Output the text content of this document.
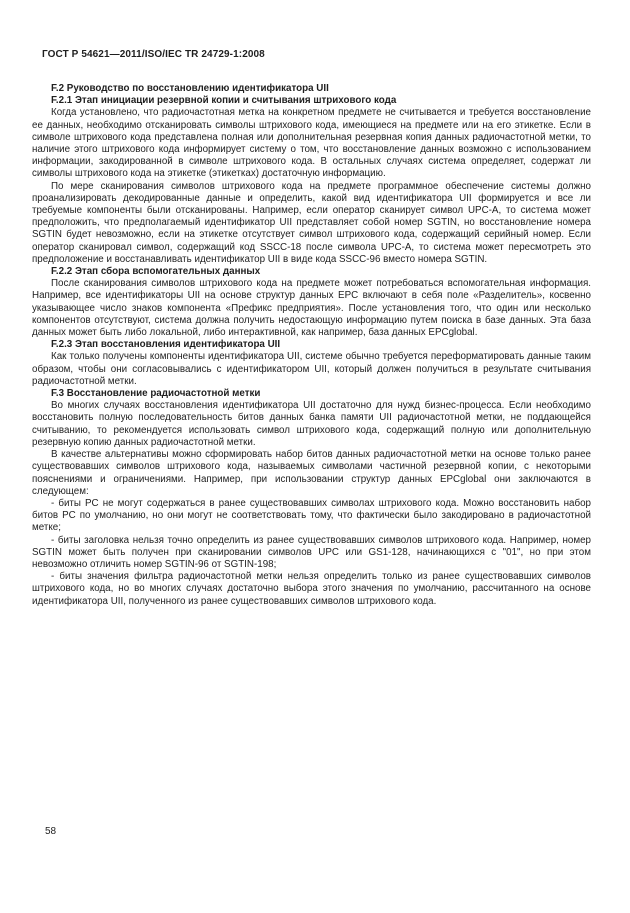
ГОСТ Р 54621—2011/ISO/IEC TR 24729-1:2008
F.2 Руководство по восстановлению идентификатора UII
F.2.1 Этап инициации резервной копии и считывания штрихового кода
Когда установлено, что радиочастотная метка на конкретном предмете не считывается и требуется восстановление ее данных, необходимо отсканировать символы штрихового кода, имеющиеся на предмете или на его этикетке. Если в символе штрихового кода представлена полная или дополнительная резервная копия данных радиочастотной метки, то наличие этого штрихового кода информирует систему о том, что восстановление данных возможно с использованием информации, закодированной в символе штрихового кода. В остальных случаях система определяет, содержат ли символы штрихового кода на этикетке (этикетках) достаточную информацию.
По мере сканирования символов штрихового кода на предмете программное обеспечение системы должно проанализировать декодированные данные и определить, какой вид идентификатора UII формируется и все ли требуемые компоненты были отсканированы. Например, если оператор сканирует символ UPC-A, то система может предположить, что предполагаемый идентификатор UII представляет собой номер SGTIN, но восстановление номера SGTIN будет невозможно, если на этикетке отсутствует символ штрихового кода, содержащий серийный номер. Если оператор сканировал символ, содержащий код SSCC-18 после символа UPC-A, то система может пересмотреть это предположение и восстанавливать идентификатор UII в виде кода SSCC-96 вместо номера SGTIN.
F.2.2 Этап сбора вспомогательных данных
После сканирования символов штрихового кода на предмете может потребоваться вспомогательная информация. Например, все идентификаторы UII на основе структур данных EPC включают в себя поле «Разделитель», косвенно указывающее число знаков компонента «Префикс предприятия». После установления того, что один или несколько компонентов отсутствуют, система должна получить недостающую информацию путем поиска в базе данных. Эта база данных может быть либо локальной, либо интерактивной, как например, база данных EPCglobal.
F.2.3 Этап восстановления идентификатора UII
Как только получены компоненты идентификатора UII, системе обычно требуется переформатировать данные таким образом, чтобы они согласовывались с идентификатором UII, который должен получиться в результате считывания радиочастотной метки.
F.3 Восстановление радиочастотной метки
Во многих случаях восстановления идентификатора UII достаточно для нужд бизнес-процесса. Если необходимо восстановить полную последовательность битов данных банка памяти UII радиочастотной метки, не поддающейся считыванию, то рекомендуется использовать символ штрихового кода, содержащий полную или дополнительную резервную копию данных радиочастотной метки.
В качестве альтернативы можно сформировать набор битов данных радиочастотной метки на основе только ранее существовавших символов штрихового кода, называемых символами частичной резервной копии, с некоторыми пояснениями и ограничениями. Например, при использовании структур данных EPCglobal они заключаются в следующем:
- биты PC не могут содержаться в ранее существовавших символах штрихового кода. Можно восстановить набор битов PC по умолчанию, но они могут не соответствовать тому, что фактически было закодировано в радиочастотной метке;
- биты заголовка нельзя точно определить из ранее существовавших символов штрихового кода. Например, номер SGTIN может быть получен при сканировании символов UPC или GS1-128, начинающихся с "01", но при этом невозможно отличить номер SGTIN-96 от SGTIN-198;
- биты значения фильтра радиочастотной метки нельзя определить только из ранее существовавших символов штрихового кода, но во многих случаях достаточно выбора этого значения по умолчанию, рассчитанного на основе идентификатора UII, полученного из ранее существовавших символов штрихового кода.
58
